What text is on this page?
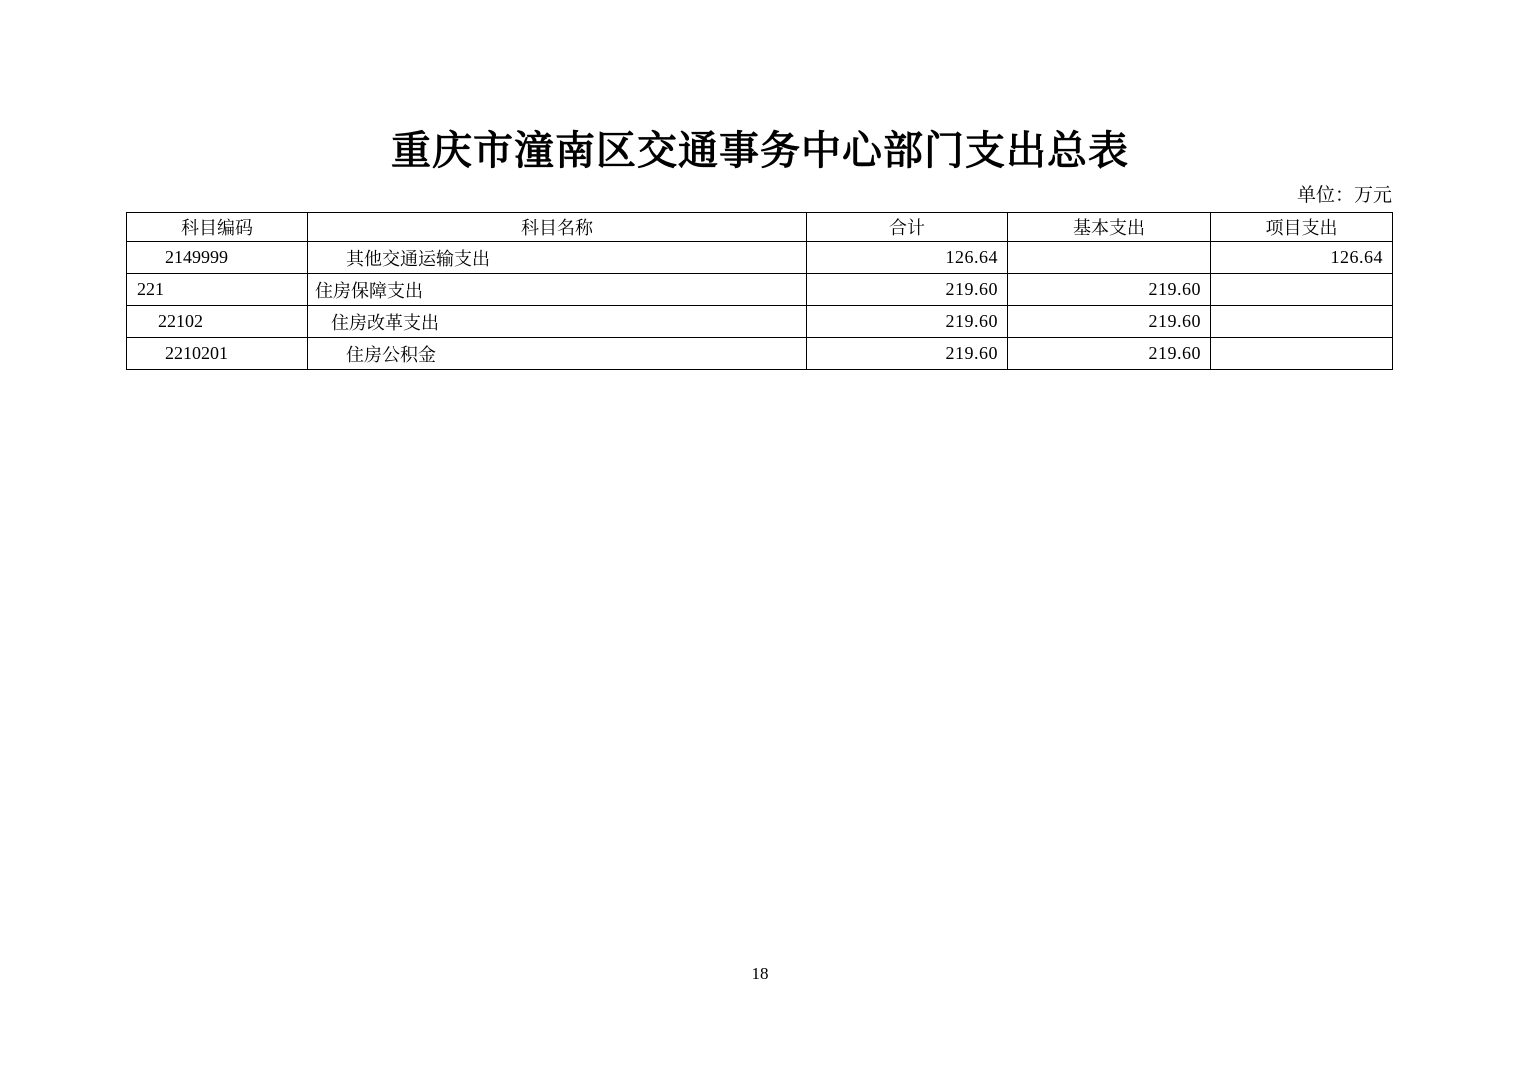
重庆市潼南区交通事务中心部门支出总表
单位：万元
科目编码	科目名称	合计	基本支出	项目支出
2149999	其他交通运输支出	126.64		126.64
221	住房保障支出	219.60	219.60	
22102	住房改革支出	219.60	219.60	
2210201	住房公积金	219.60	219.60	
18
